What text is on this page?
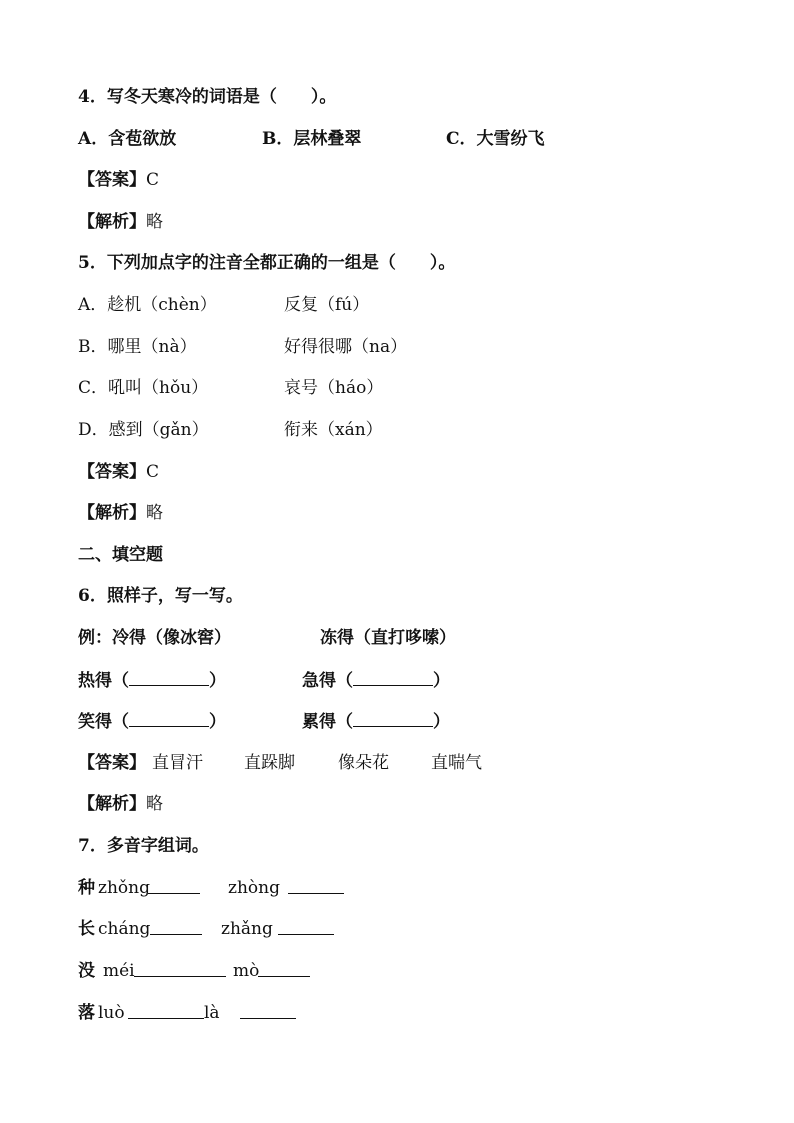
4．写冬天寒冷的词语是（　　）。
A．含苞欲放	B．层林叠翠	C．大雪纷飞
【答案】C
【解析】略
5．下列加点字的注音全都正确的一组是（　　）。
A．趁机（chèn）	反复（fú）
B．哪里（nà）	好得很哪（na）
C．吼叫（hǒu）	哀号（háo）
D．感到（gǎn）	衔来（xán）
【答案】C
【解析】略
二、填空题
6．照样子，写一写。
例：冷得（像冰窖）	冻得（直打哆嗦）
热得（	）	急得（	）
笑得（	）	累得（	）
【答案】 直冒汗 直跺脚	像朵花 直喘气
【解析】略
7．多音字组词。
种 zhǒng	zhòng
长 cháng	zhǎng
没 méi	mò
落 luò	là
